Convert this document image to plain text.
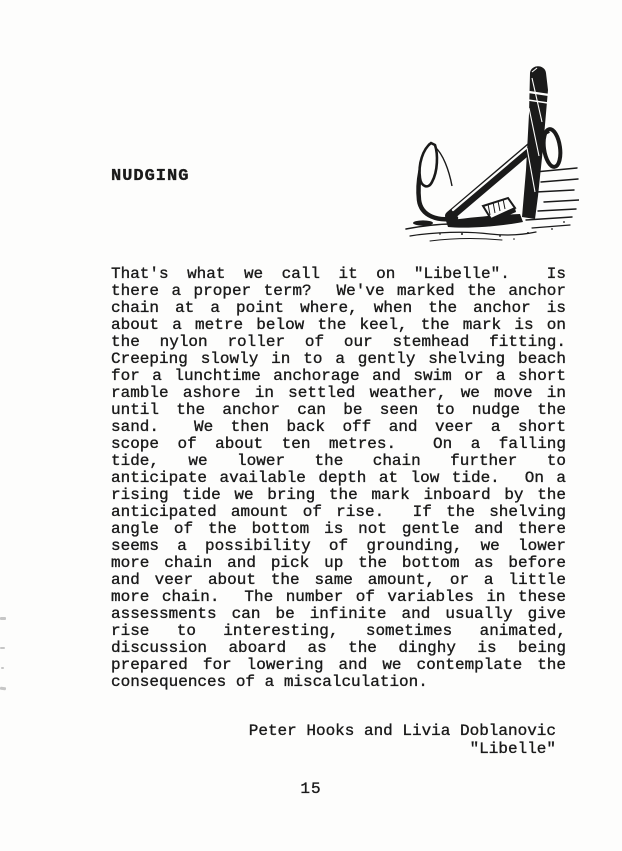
NUDGING
That's what we call it on "Libelle".  Is
there a proper term?  We've marked the anchor
chain at a point where, when the anchor is
about a metre below the keel, the mark is on
the nylon roller of our stemhead fitting.
Creeping slowly in to a gently shelving beach
for a lunchtime anchorage and swim or a short
ramble ashore in settled weather, we move in
until the anchor can be seen to nudge the
sand.  We then back off and veer a short
scope of about ten metres.  On a falling
tide, we lower the chain further to
anticipate available depth at low tide.  On a
rising tide we bring the mark inboard by the
anticipated amount of rise.  If the shelving
angle of the bottom is not gentle and there
seems a possibility of grounding, we lower
more chain and pick up the bottom as before
and veer about the same amount, or a little
more chain.  The number of variables in these
assessments can be infinite and usually give
rise to interesting, sometimes animated,
discussion aboard as the dinghy is being
prepared for lowering and we contemplate the
consequences of a miscalculation.
Peter Hooks and Livia Doblanovic
"Libelle"
15
